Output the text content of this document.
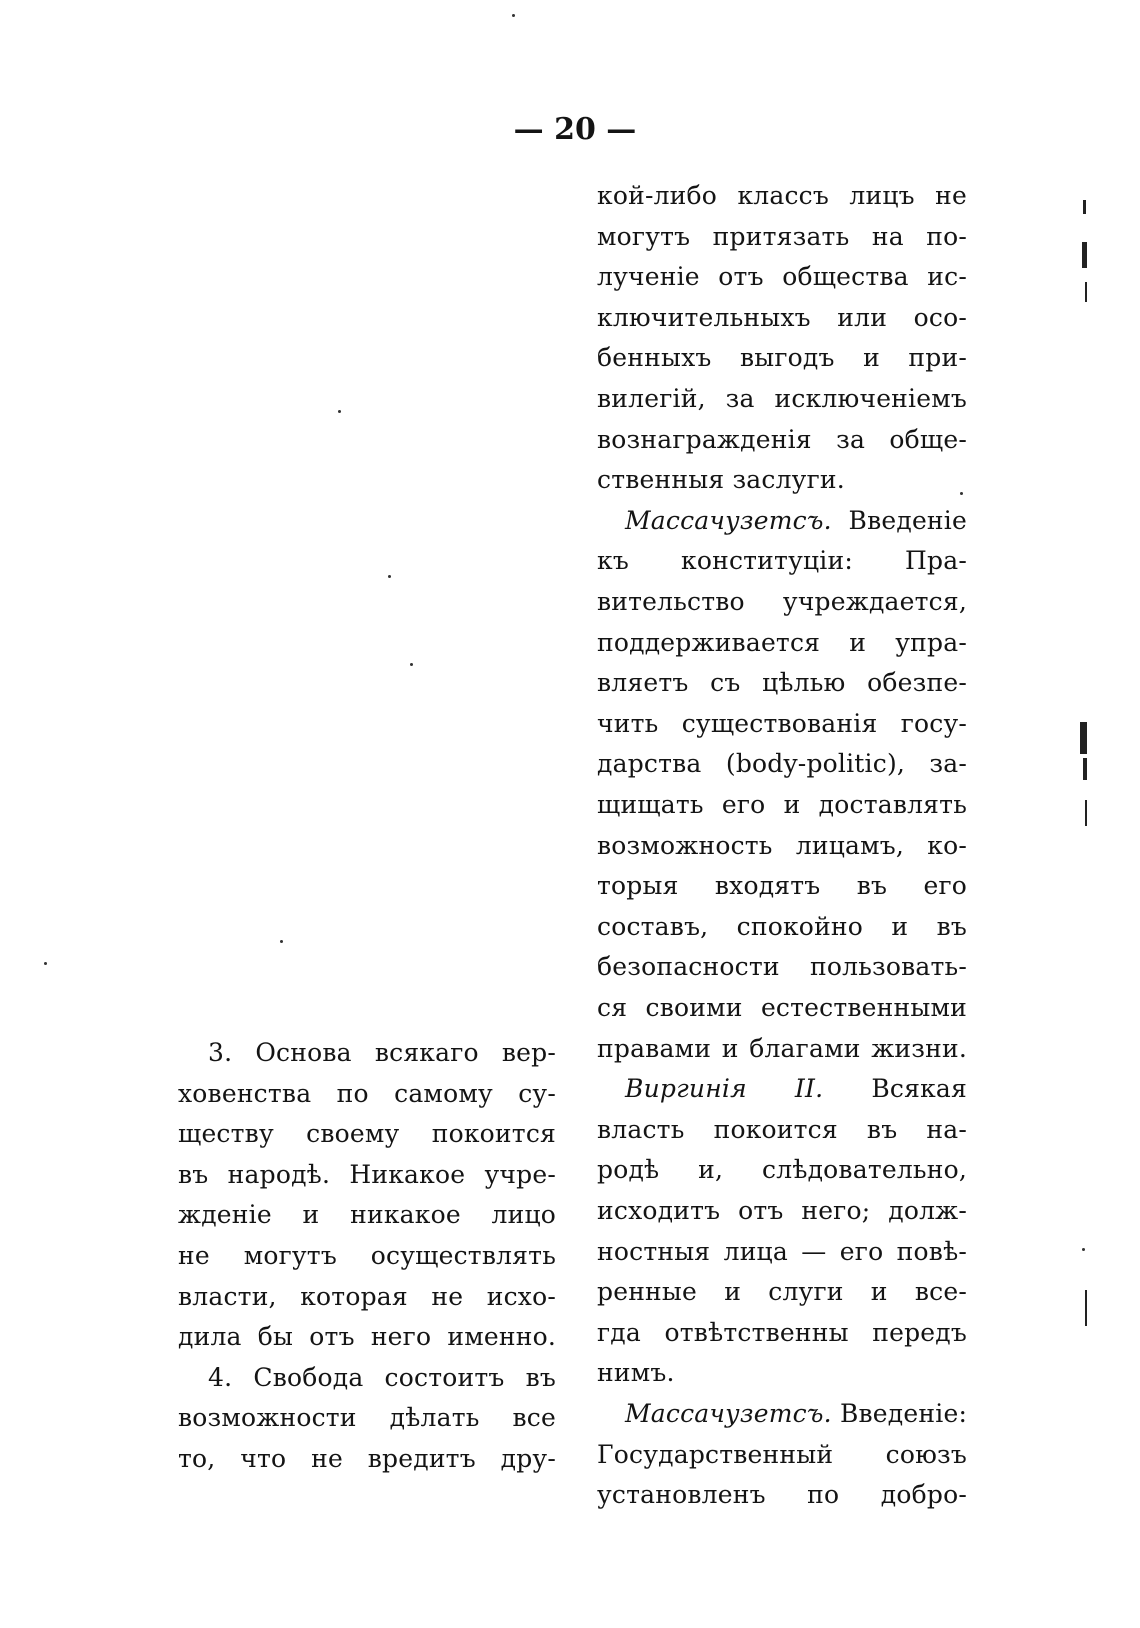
— 20 —
3. Основа всякаго вер-
ховенства по самому су-
ществу своему покоится
въ народѣ. Никакое учре-
жденіе и никакое лицо
не могутъ осуществлять
власти, которая не исхо-
дила бы отъ него именно.
4. Свобода состоитъ въ
возможности дѣлать все
то, что не вредитъ дру-
кой-либо классъ лицъ не
могутъ притязать на по-
лученіе отъ общества ис-
ключительныхъ или осо-
бенныхъ выгодъ и при-
вилегій, за исключеніемъ
вознагражденія за обще-
ственныя заслуги.
Массачузетсъ. Введеніе
къ конституціи: Пра-
вительство учреждается,
поддерживается и упра-
вляетъ съ цѣлью обезпе-
чить существованія госу-
дарства (body-politic), за-
щищать его и доставлять
возможность лицамъ, ко-
торыя входятъ въ его
составъ, спокойно и въ
безопасности пользовать-
ся своими естественными
правами и благами жизни.
Виргинія II. Всякая
власть покоится въ на-
родѣ и, слѣдовательно,
исходитъ отъ него; долж-
ностныя лица — его повѣ-
ренные и слуги и все-
гда отвѣтственны передъ
нимъ.
Массачузетсъ. Введеніе:
Государственный союзъ
установленъ по добро-
